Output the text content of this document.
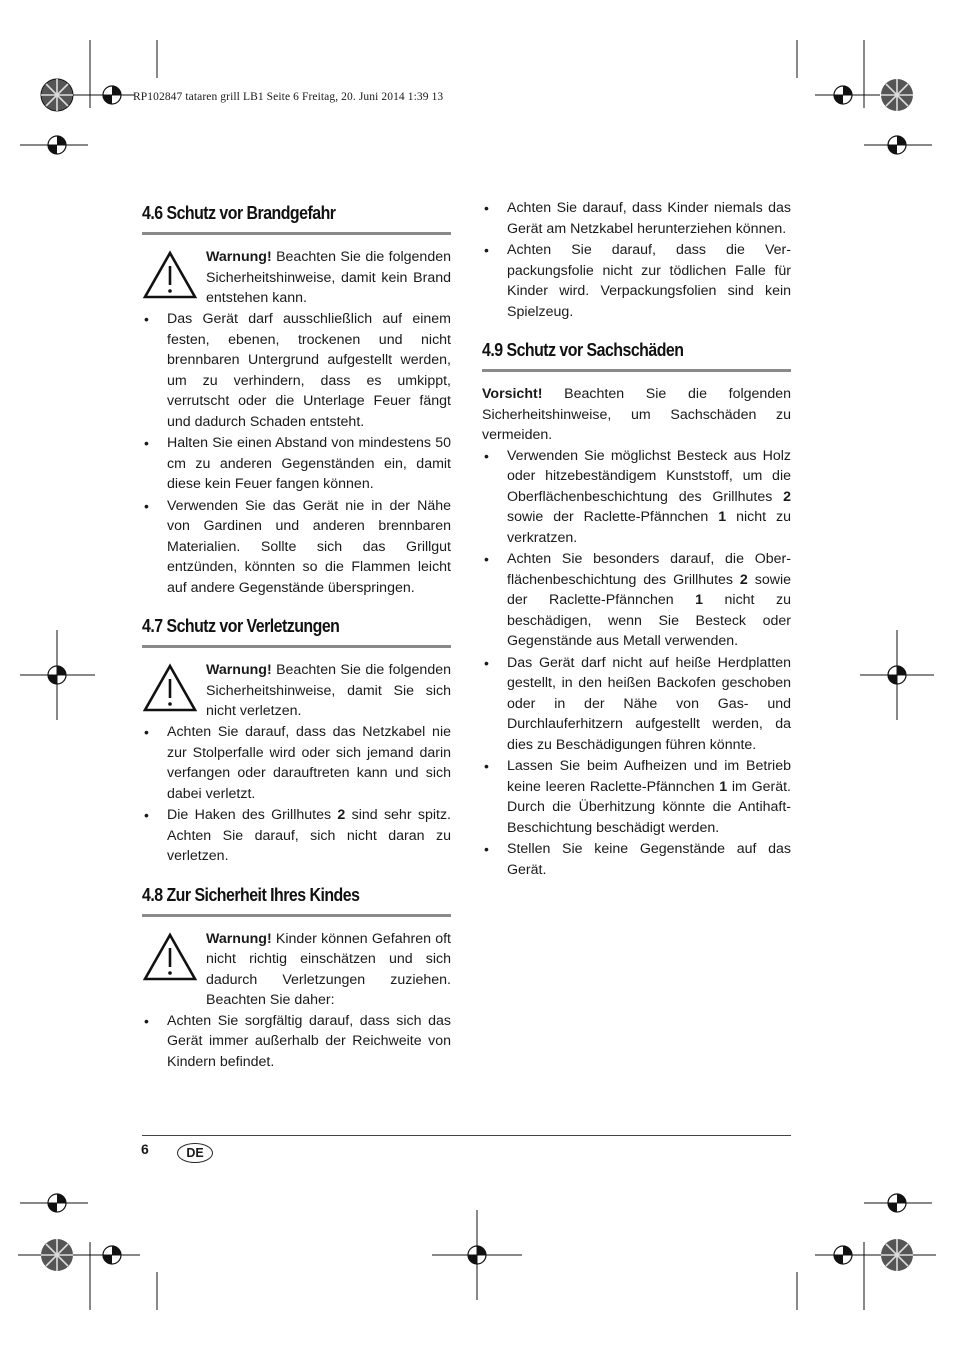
RP102847 tataren grill LB1 Seite 6 Freitag, 20. Juni 2014 1:39 13
4.6 Schutz vor Brandgefahr

Warnung! Beachten Sie die folgenden Sicherheitshinweise, damit kein Brand entstehen kann.

• Das Gerät darf ausschließlich auf einem festen, ebenen, trockenen und nicht brennbaren Untergrund aufgestellt werden, um zu verhindern, dass es umkippt, verrutscht oder die Unterlage Feuer fängt und dadurch Schaden entsteht.
• Halten Sie einen Abstand von mindestens 50 cm zu anderen Gegenständen ein, damit diese kein Feuer fangen können.
• Verwenden Sie das Gerät nie in der Nähe von Gardinen und anderen brennbaren Materialien. Sollte sich das Grillgut entzünden, könnten so die Flammen leicht auf andere Gegenstände überspringen.
4.7 Schutz vor Verletzungen

Warnung! Beachten Sie die folgenden Sicherheitshinweise, damit Sie sich nicht verletzen.

• Achten Sie darauf, dass das Netzkabel nie zur Stolperfalle wird oder sich jemand darin verfangen oder darauftreten kann und sich dabei verletzt.
• Die Haken des Grillhutes 2 sind sehr spitz. Achten Sie darauf, sich nicht daran zu verletzen.
4.8 Zur Sicherheit Ihres Kindes

Warnung! Kinder können Gefahren oft nicht richtig einschätzen und sich dadurch Verletzungen zuziehen. Beachten Sie daher:

• Achten Sie sorgfältig darauf, dass sich das Gerät immer außerhalb der Reichweite von Kindern befindet.
• Achten Sie darauf, dass Kinder niemals das Gerät am Netzkabel herunterziehen können.
• Achten Sie darauf, dass die Verpackungsfolie nicht zur tödlichen Falle für Kinder wird. Verpackungsfolien sind kein Spielzeug.
4.9 Schutz vor Sachschäden

Vorsicht! Beachten Sie die folgenden Sicherheitshinweise, um Sachschäden zu vermeiden.

• Verwenden Sie möglichst Besteck aus Holz oder hitzebeständigem Kunststoff, um die Oberflächenbeschichtung des Grillhutes 2 sowie der Raclette-Pfännchen 1 nicht zu verkratzen.
• Achten Sie besonders darauf, die Oberflächenbeschichtung des Grillhutes 2 sowie der Raclette-Pfännchen 1 nicht zu beschädigen, wenn Sie Besteck oder Gegenstände aus Metall verwenden.
• Das Gerät darf nicht auf heiße Herdplatten gestellt, in den heißen Backofen geschoben oder in der Nähe von Gas- und Durchlauferhitzern aufgestellt werden, da dies zu Beschädigungen führen könnte.
• Lassen Sie beim Aufheizen und im Betrieb keine leeren Raclette-Pfännchen 1 im Gerät. Durch die Überhitzung könnte die Antihaft-Beschichtung beschädigt werden.
• Stellen Sie keine Gegenstände auf das Gerät.
6	DE
